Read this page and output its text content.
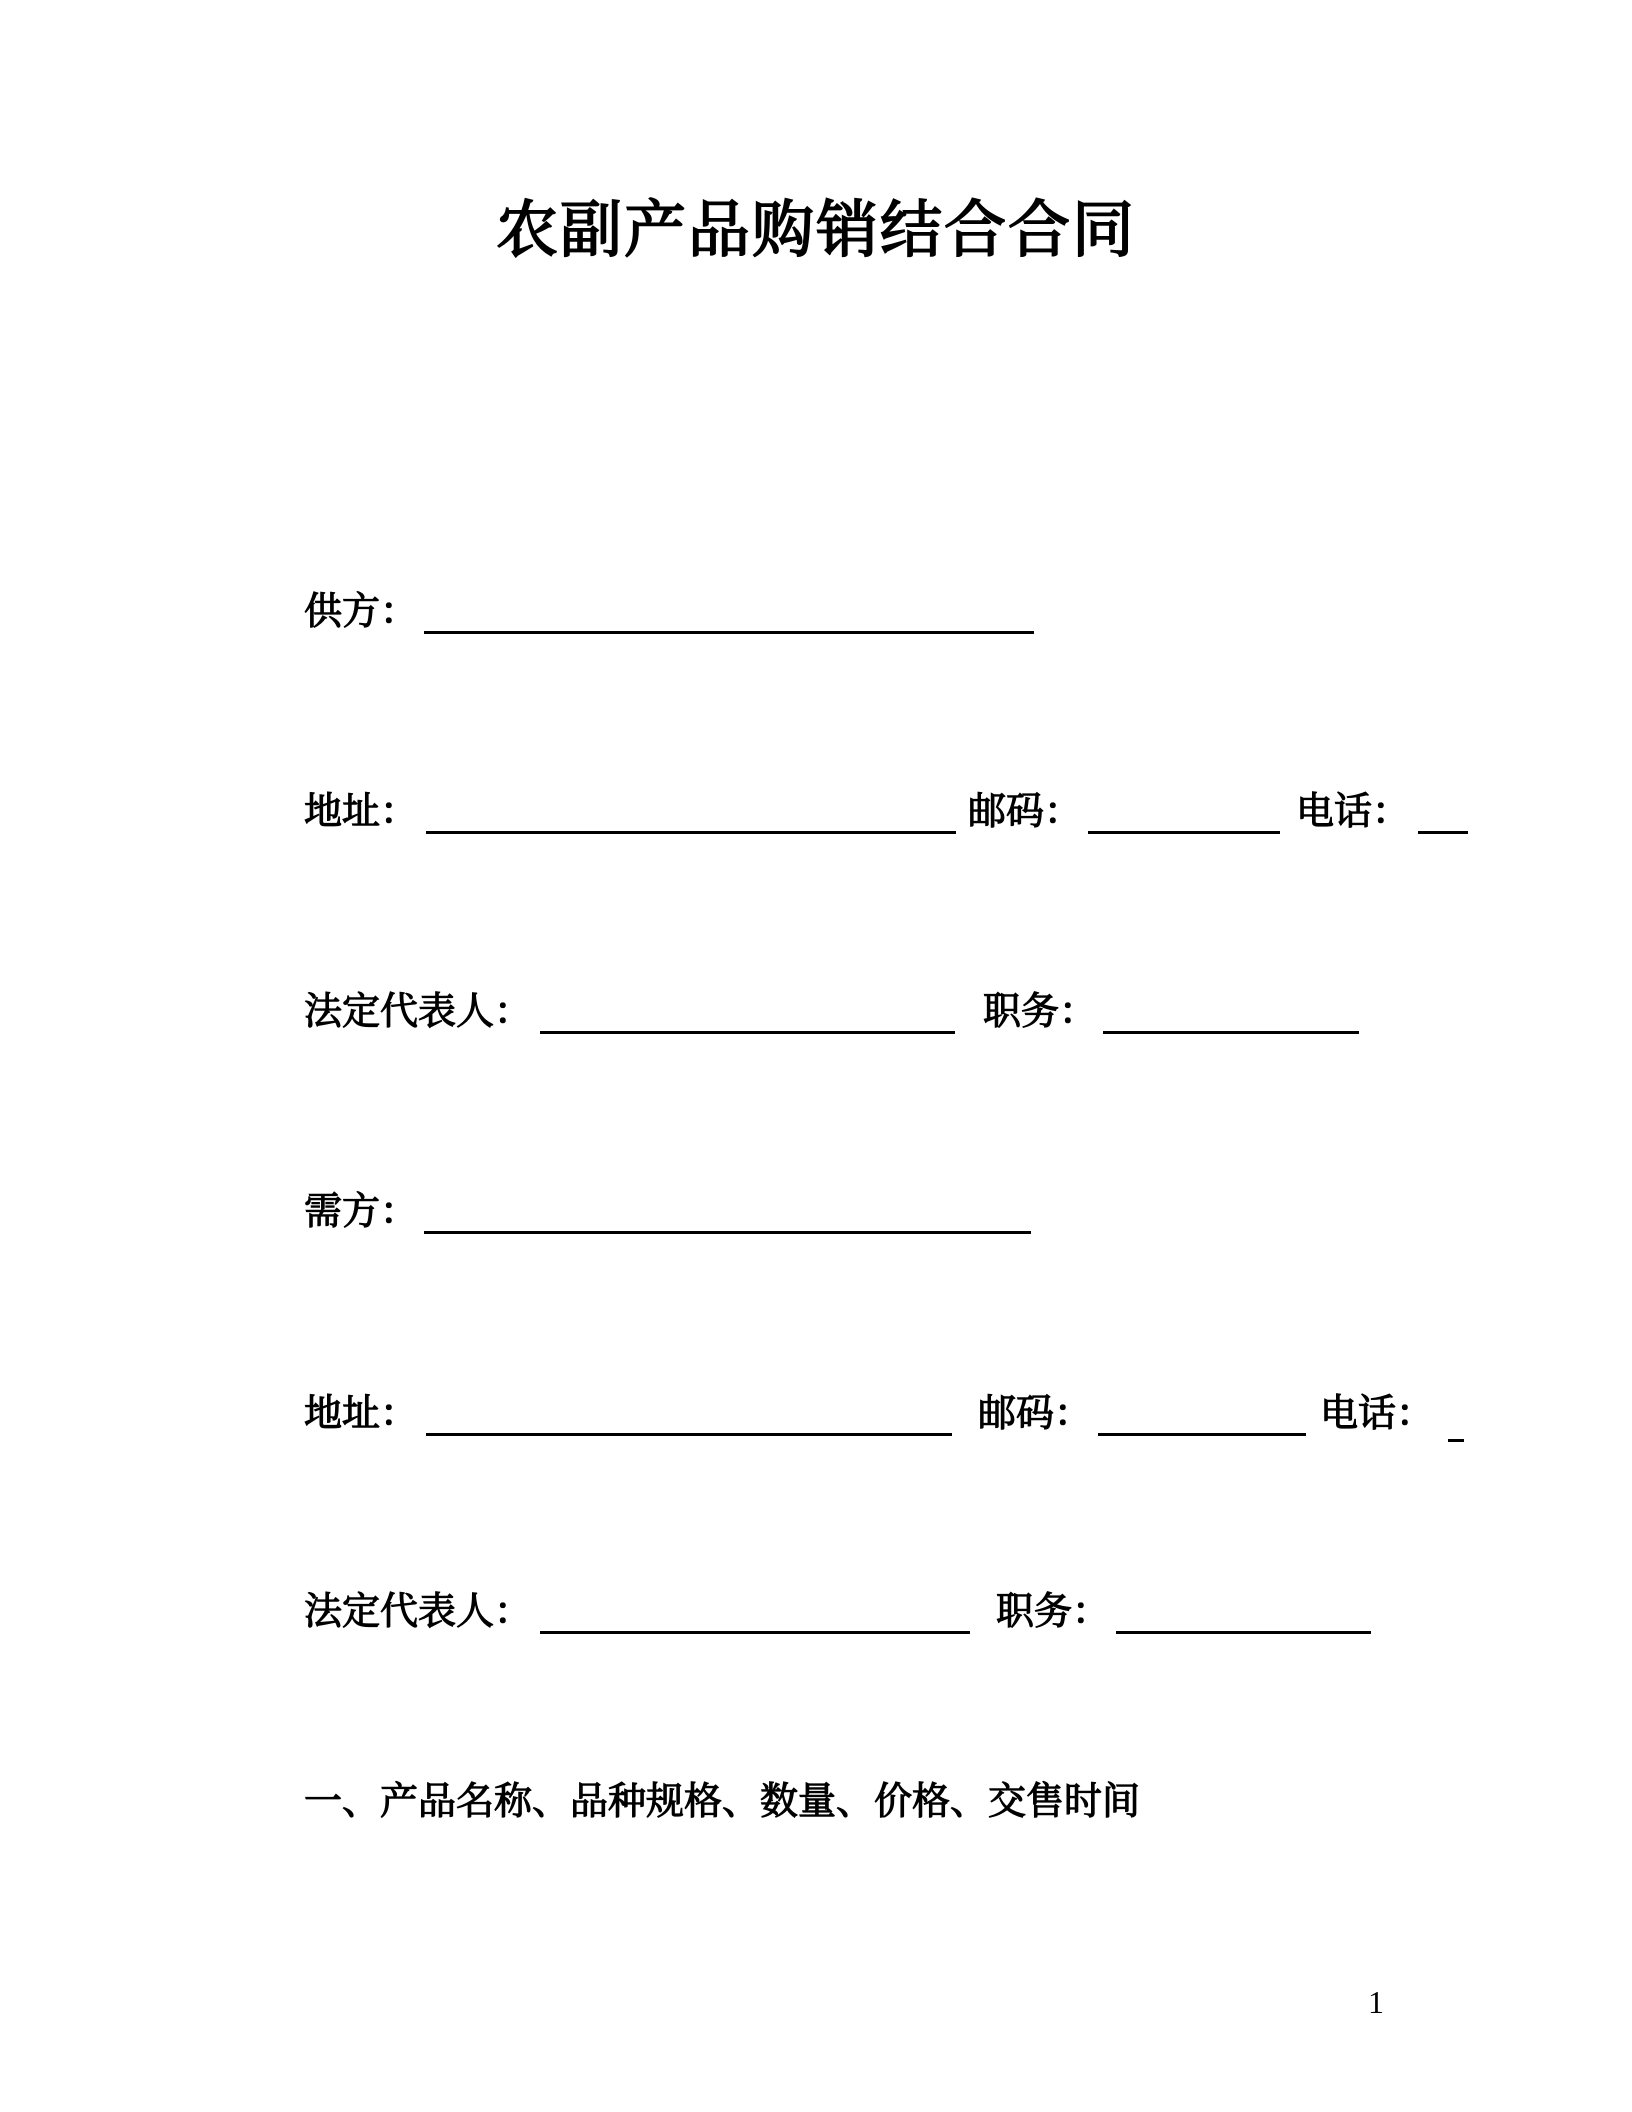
农副产品购销结合合同
供方：
地址：	邮码：	电话：
法定代表人：	职务：
需方：
地址：	邮码：	电话：
法定代表人：	职务：
一、产品名称、品种规格、数量、价格、交售时间
1
